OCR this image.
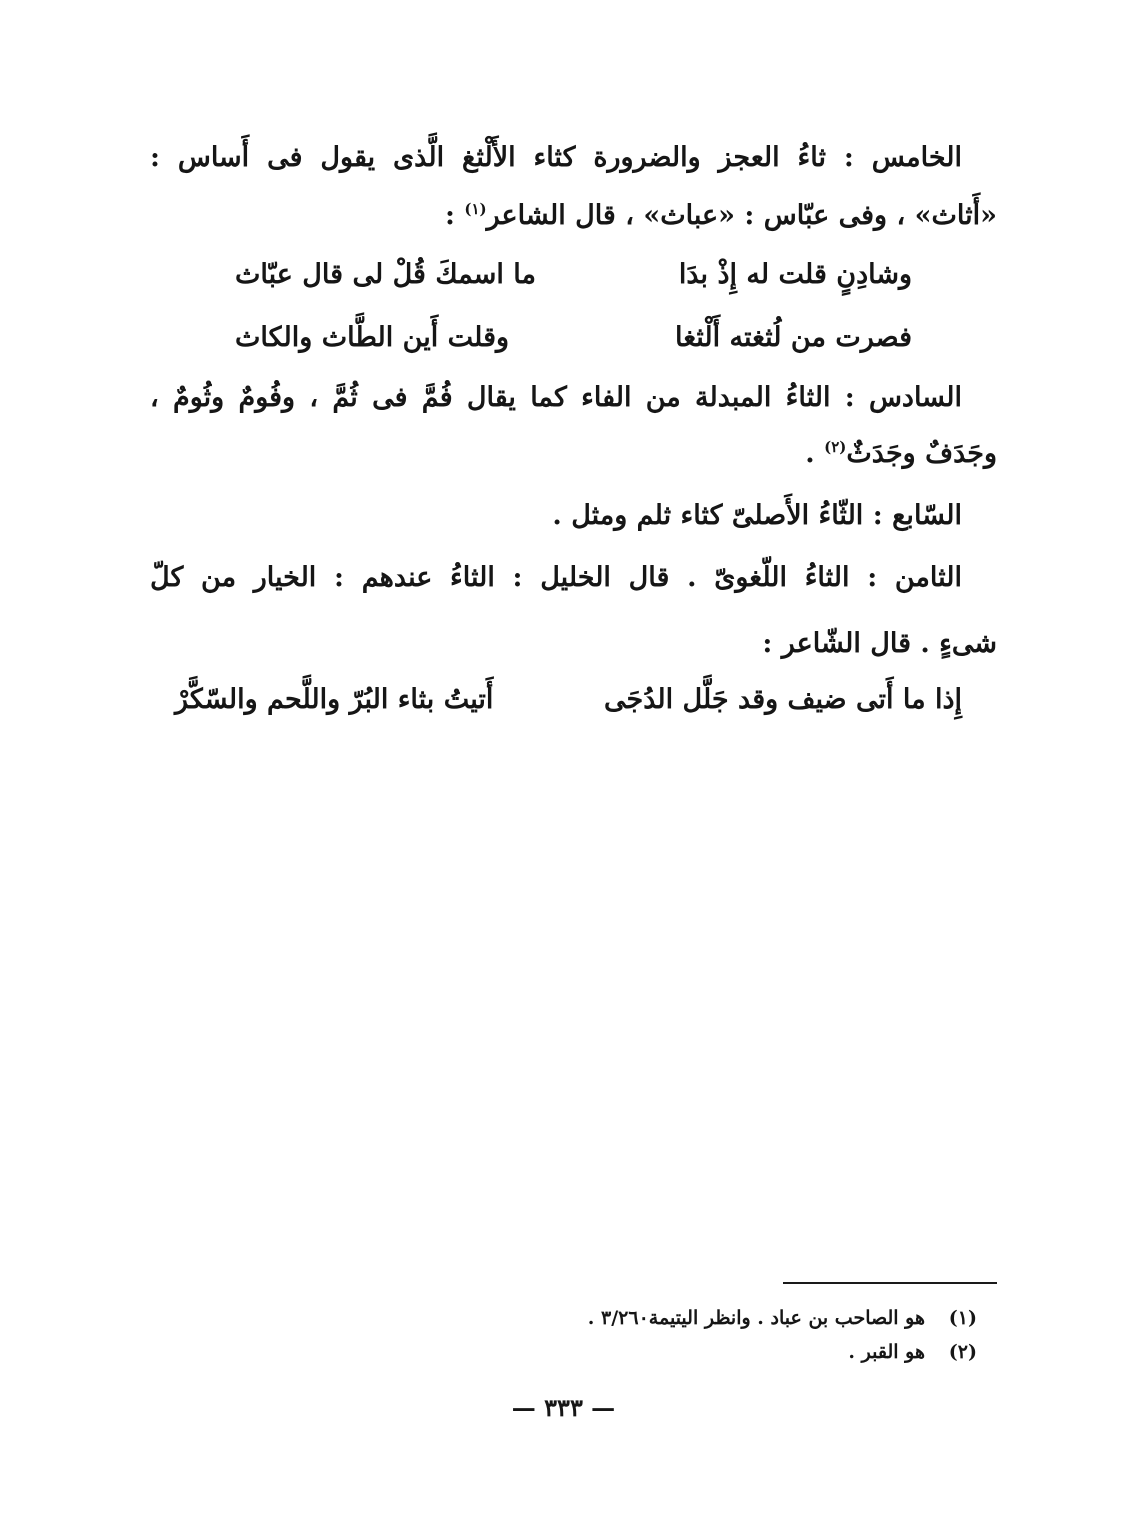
الخامس : ثاءُ العجز والضرورة كثاء الأَلْثغ الَّذى يقول فى أَساس :
«أَثاث» ، وفى عبّاس : «عباث» ، قال الشاعر$^{(١)}$ :
وشادِنٍ قلت له إِذْ بدَا
ما اسمكَ قُلْ لى قال عبّاث
فصرت من لُثغته أَلْثغا
وقلت أَين الطَّاث والكاث
السادس : الثاءُ المبدلة من الفاء كما يقال فُمَّ فى ثُمَّ ، وفُومٌ وثُومٌ ،
وجَدَفٌ وجَدَثٌ$^{(٢)}$ .
السّابع : الثّاءُ الأَصلىّ كثاء ثلم ومثل .
الثامن : الثاءُ اللّغوىّ . قال الخليل : الثاءُ عندهم : الخيار من كلّ
شىءٍ . قال الشّاعر :
إِذا ما أَتى ضيف وقد جَلَّل الدُجَى
أَتيتُ بثاء البُرّ واللَّحم والسّكَّرْ
(١)هو الصاحب بن عباد . وانظر اليتيمة٣/٢٦٠ .
(٢)هو القبر .
— ٣٣٣ —
